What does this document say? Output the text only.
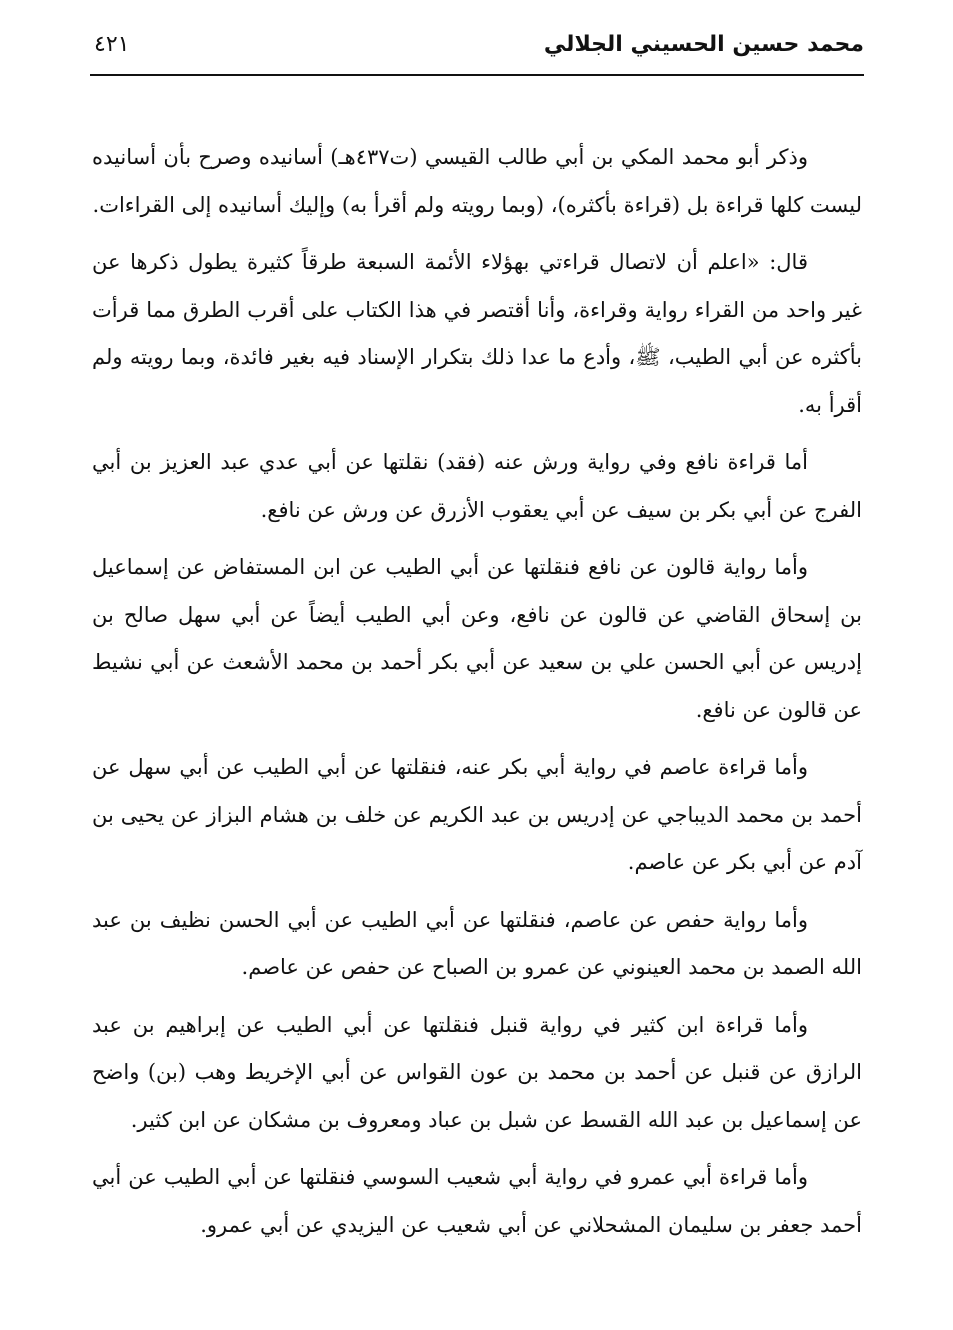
محمد حسين الحسيني الجلالي
٤٢١

وذكر أبو محمد المكي بن أبي طالب القيسي (ت٤٣٧هـ) أسانيده وصرح بأن أسانيده ليست كلها قراءة بل (قراءة بأكثره)، (وبما رويته ولم أقرأ به) وإليك أسانيده إلى القراءات.

قال: «اعلم أن لاتصال قراءتي بهؤلاء الأئمة السبعة طرقاً كثيرة يطول ذكرها عن غير واحد من القراء رواية وقراءة، وأنا أقتصر في هذا الكتاب على أقرب الطرق مما قرأت بأكثره عن أبي الطيب، ﷺ، وأدع ما عدا ذلك بتكرار الإسناد فيه بغير فائدة، وبما رويته ولم أقرأ به.

أما قراءة نافع وفي رواية ورش عنه (فقد) نقلتها عن أبي عدي عبد العزيز بن أبي الفرج عن أبي بكر بن سيف عن أبي يعقوب الأزرق عن ورش عن نافع.

وأما رواية قالون عن نافع فنقلتها عن أبي الطيب عن ابن المستفاض عن إسماعيل بن إسحاق القاضي عن قالون عن نافع، وعن أبي الطيب أيضاً عن أبي سهل صالح بن إدريس عن أبي الحسن علي بن سعيد عن أبي بكر أحمد بن محمد الأشعث عن أبي نشيط عن قالون عن نافع.

وأما قراءة عاصم في رواية أبي بكر عنه، فنقلتها عن أبي الطيب عن أبي سهل عن أحمد بن محمد الديباجي عن إدريس بن عبد الكريم عن خلف بن هشام البزاز عن يحيى بن آدم عن أبي بكر عن عاصم.

وأما رواية حفص عن عاصم، فنقلتها عن أبي الطيب عن أبي الحسن نظيف بن عبد الله الصمد بن محمد العينوني عن عمرو بن الصباح عن حفص عن عاصم.

وأما قراءة ابن كثير في رواية قنبل فنقلتها عن أبي الطيب عن إبراهيم بن عبد الرازق عن قنبل عن أحمد بن محمد بن عون القواس عن أبي الإخريط وهب (بن) واضح عن إسماعيل بن عبد الله القسط عن شبل بن عباد ومعروف بن مشكان عن ابن كثير.

وأما قراءة أبي عمرو في رواية أبي شعيب السوسي فنقلتها عن أبي الطيب عن أبي أحمد جعفر بن سليمان المشحلاني عن أبي شعيب عن اليزيدي عن أبي عمرو.
